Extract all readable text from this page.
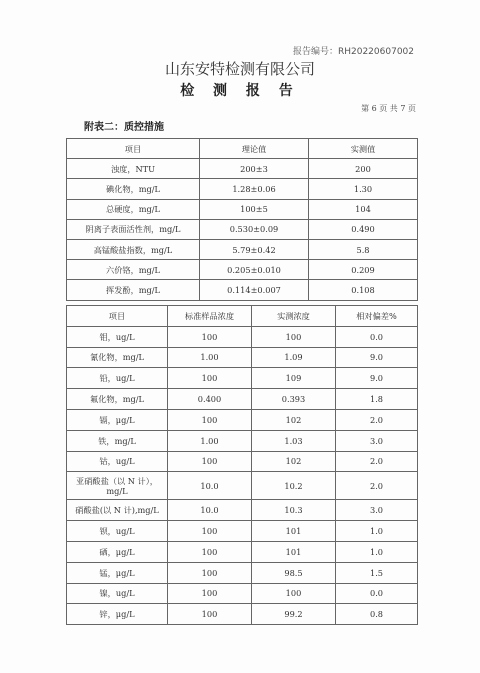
报告编号：RH20220607002
山东安特检测有限公司
检 测 报 告
第 6 页 共 7 页
附表二：质控措施
项目	理论值	实测值
浊度，NTU	200±3	200
碘化物，mg/L	1.28±0.06	1.30
总硬度，mg/L	100±5	104
阴离子表面活性剂，mg/L	0.530±0.09	0.490
高锰酸盐指数，mg/L	5.79±0.42	5.8
六价铬，mg/L	0.205±0.010	0.209
挥发酚，mg/L	0.114±0.007	0.108
项目	标准样品浓度	实测浓度	相对偏差%
钼，ug/L	100	100	0.0
氰化物，mg/L	1.00	1.09	9.0
铅，ug/L	100	109	9.0
氟化物，mg/L	0.400	0.393	1.8
镉，μg/L	100	102	2.0
铁，mg/L	1.00	1.03	3.0
钴，ug/L	100	102	2.0
亚硝酸盐（以 N 计），mg/L	10.0	10.2	2.0
硝酸盐(以 N 计),mg/L	10.0	10.3	3.0
钡，ug/L	100	101	1.0
硒，μg/L	100	101	1.0
锰，μg/L	100	98.5	1.5
镍，ug/L	100	100	0.0
锌，μg/L	100	99.2	0.8
